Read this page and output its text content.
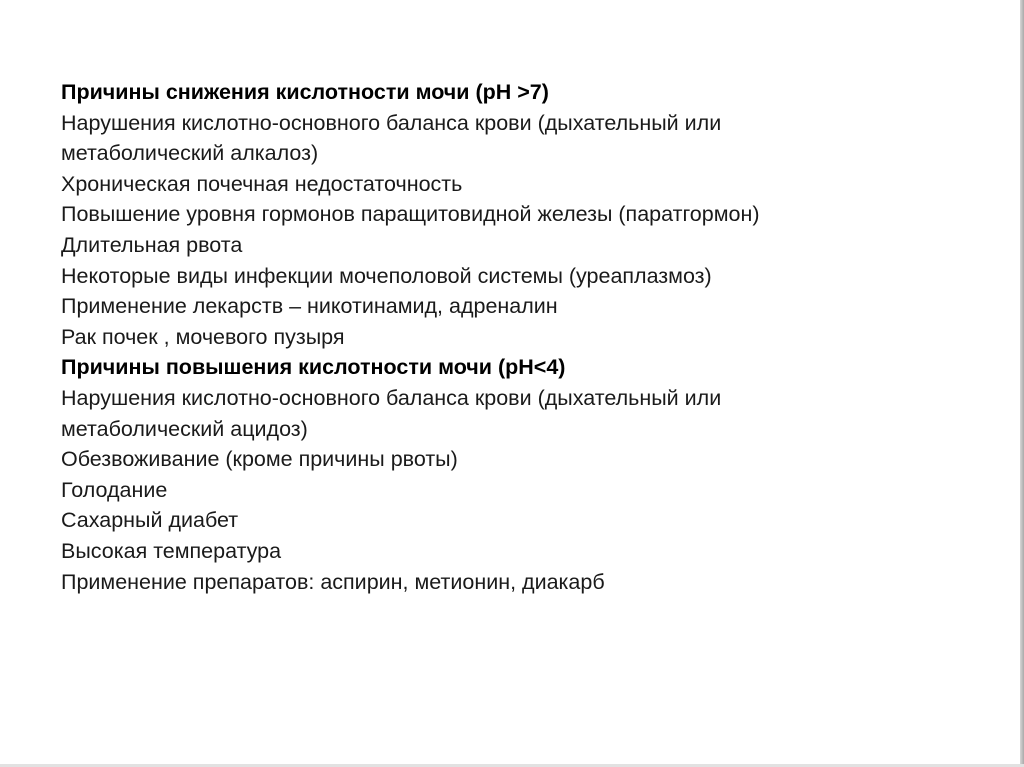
Причины снижения кислотности мочи (pH >7)
Нарушения кислотно-основного баланса крови (дыхательный или
метаболический алкалоз)
Хроническая почечная недостаточность
Повышение уровня гормонов паращитовидной железы (паратгормон)
Длительная рвота
Некоторые виды инфекции мочеполовой системы (уреаплазмоз)
Применение лекарств – никотинамид, адреналин
Рак почек , мочевого пузыря
Причины повышения кислотности мочи (pH<4)
Нарушения кислотно-основного баланса крови (дыхательный или
метаболический ацидоз)
Обезвоживание (кроме причины рвоты)
Голодание
Сахарный диабет
Высокая температура
Применение препаратов: аспирин, метионин, диакарб
